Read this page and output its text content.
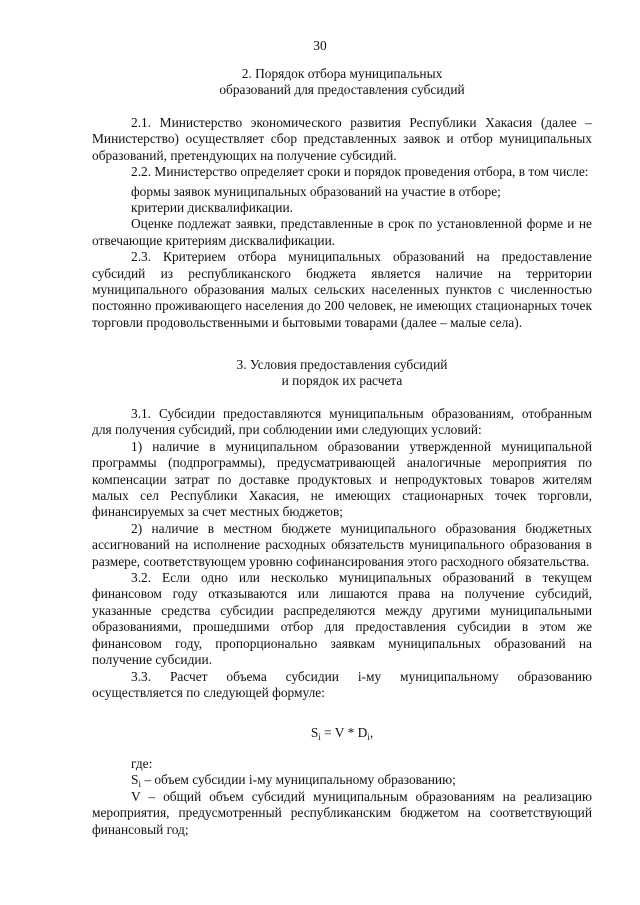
30
2. Порядок отбора муниципальных
образований для предоставления субсидий

2.1. Министерство экономического развития Республики Хакасия (далее – Министерство) осуществляет сбор представленных заявок и отбор муниципальных образований, претендующих на получение субсидий.

2.2. Министерство определяет сроки и порядок проведения отбора, в том числе:

формы заявок муниципальных образований на участие в отборе;

критерии дисквалификации.

Оценке подлежат заявки, представленные в срок по установленной форме и не отвечающие критериям дисквалификации.

2.3. Критерием отбора муниципальных образований на предоставление субсидий из республиканского бюджета является наличие на территории муниципального образования малых сельских населенных пунктов с численностью постоянно проживающего населения до 200 человек, не имеющих стационарных точек торговли продовольственными и бытовыми товарами (далее – малые села).

3. Условия предоставления субсидий
и порядок их расчета

3.1. Субсидии предоставляются муниципальным образованиям, отобранным для получения субсидий, при соблюдении ими следующих условий:

1) наличие в муниципальном образовании утвержденной муниципальной программы (подпрограммы), предусматривающей аналогичные мероприятия по компенсации затрат по доставке продуктовых и непродуктовых товаров жителям малых сел Республики Хакасия, не имеющих стационарных точек торговли, финансируемых за счет местных бюджетов;

2) наличие в местном бюджете муниципального образования бюджетных ассигнований на исполнение расходных обязательств муниципального образования в размере, соответствующем уровню софинансирования этого расходного обязательства.

3.2. Если одно или несколько муниципальных образований в текущем финансовом году отказываются или лишаются права на получение субсидий, указанные средства субсидии распределяются между другими муниципальными образованиями, прошедшими отбор для предоставления субсидии в этом же финансовом году, пропорционально заявкам муниципальных образований на получение субсидии.

3.3. Расчет объема субсидии i-му муниципальному образованию осуществляется по следующей формуле:

$S_i = V * D_i$,

где:

$S_i$ – объем субсидии i-му муниципальному образованию;

V – общий объем субсидий муниципальным образованиям на реализацию мероприятия, предусмотренный республиканским бюджетом на соответствующий финансовый год;
